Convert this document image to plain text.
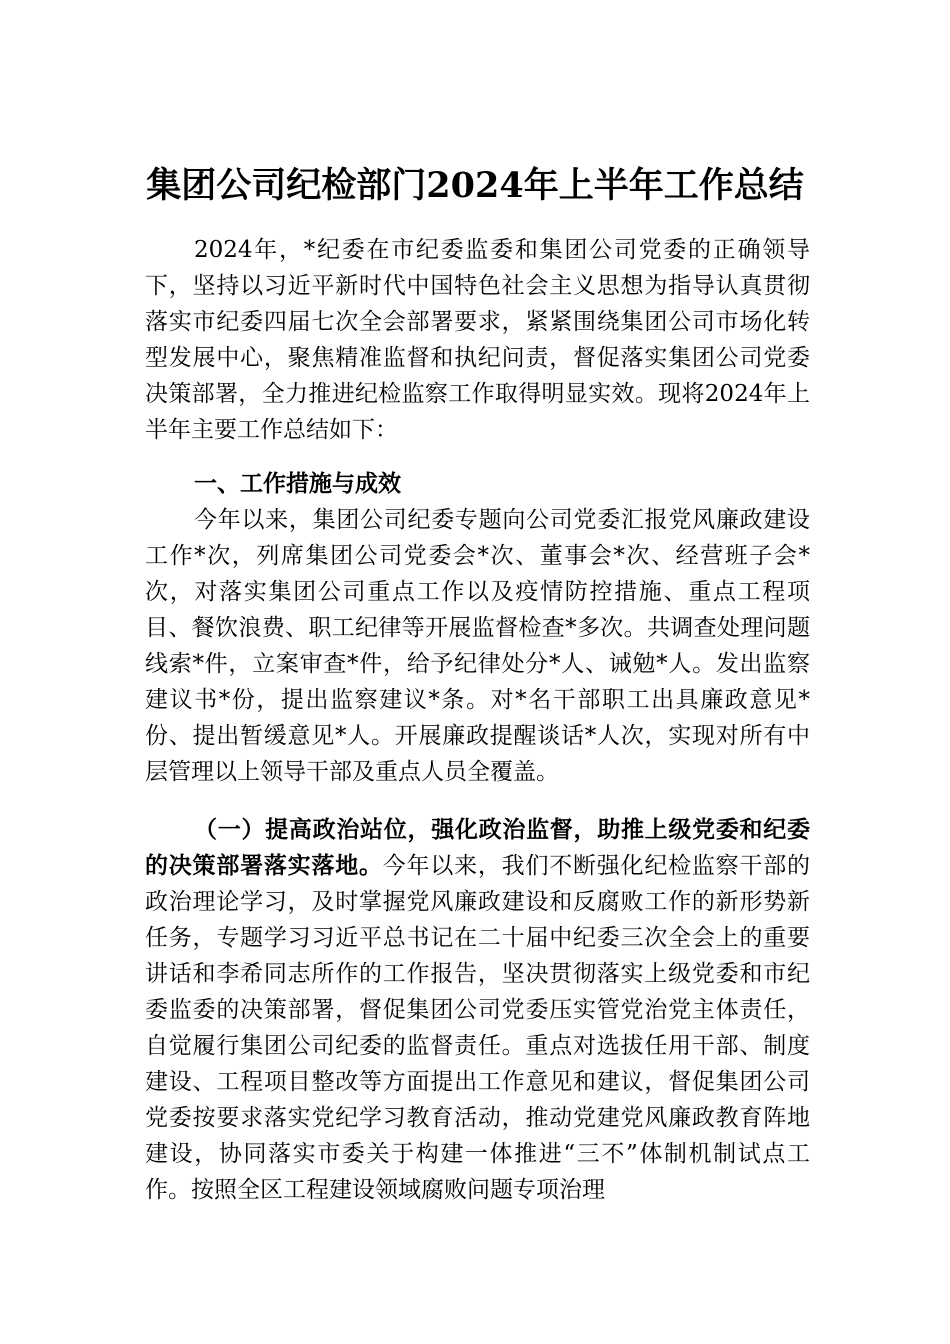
集团公司纪检部门2024年上半年工作总结

2024年，*纪委在市纪委监委和集团公司党委的正确领导下，坚持以习近平新时代中国特色社会主义思想为指导认真贯彻落实市纪委四届七次全会部署要求，紧紧围绕集团公司市场化转型发展中心，聚焦精准监督和执纪问责，督促落实集团公司党委决策部署，全力推进纪检监察工作取得明显实效。现将2024年上半年主要工作总结如下：

一、工作措施与成效

今年以来，集团公司纪委专题向公司党委汇报党风廉政建设工作*次，列席集团公司党委会*次、董事会*次、经营班子会*次，对落实集团公司重点工作以及疫情防控措施、重点工程项目、餐饮浪费、职工纪律等开展监督检查*多次。共调查处理问题线索*件，立案审查*件，给予纪律处分*人、诫勉*人。发出监察建议书*份，提出监察建议*条。对*名干部职工出具廉政意见*份、提出暂缓意见*人。开展廉政提醒谈话*人次，实现对所有中层管理以上领导干部及重点人员全覆盖。

（一）提高政治站位，强化政治监督，助推上级党委和纪委的决策部署落实落地。今年以来，我们不断强化纪检监察干部的政治理论学习，及时掌握党风廉政建设和反腐败工作的新形势新任务，专题学习习近平总书记在二十届中纪委三次全会上的重要讲话和李希同志所作的工作报告，坚决贯彻落实上级党委和市纪委监委的决策部署，督促集团公司党委压实管党治党主体责任，自觉履行集团公司纪委的监督责任。重点对选拔任用干部、制度建设、工程项目整改等方面提出工作意见和建议，督促集团公司党委按要求落实党纪学习教育活动，推动党建党风廉政教育阵地建设，协同落实市委关于构建一体推进“三不”体制机制试点工作。按照全区工程建设领域腐败问题专项治理
